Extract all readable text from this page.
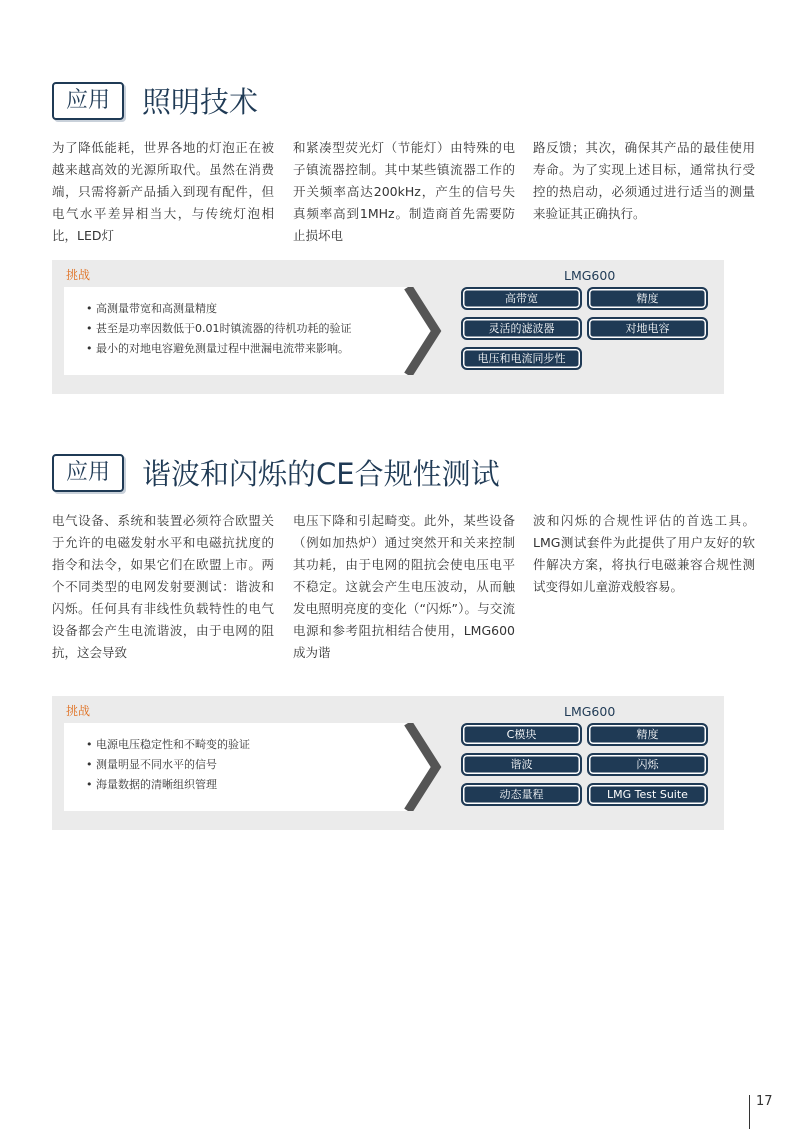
应用	照明技术
为了降低能耗，世界各地的灯泡正在被越来越高效的光源所取代。虽然在消费端，只需将新产品插入到现有配件，但电气水平差异相当大，与传统灯泡相比，LED灯
和紧凑型荧光灯（节能灯）由特殊的电子镇流器控制。其中某些镇流器工作的开关频率高达200kHz，产生的信号失真频率高到1MHz。制造商首先需要防止损坏电
路反馈；其次，确保其产品的最佳使用寿命。为了实现上述目标，通常执行受控的热启动，必须通过进行适当的测量来验证其正确执行。
挑战	LMG600
• 高测量带宽和高测量精度
• 甚至是功率因数低于0.01时镇流器的待机功耗的验证
• 最小的对地电容避免测量过程中泄漏电流带来影响。
高带宽	精度
灵活的滤波器	对地电容
电压和电流同步性
应用	谐波和闪烁的CE合规性测试
电气设备、系统和装置必须符合欧盟关于允许的电磁发射水平和电磁抗扰度的指令和法令，如果它们在欧盟上市。两个不同类型的电网发射要测试：谐波和闪烁。任何具有非线性负载特性的电气设备都会产生电流谐波，由于电网的阻抗，这会导致
电压下降和引起畸变。此外，某些设备（例如加热炉）通过突然开和关来控制其功耗，由于电网的阻抗会使电压电平不稳定。这就会产生电压波动，从而触发电照明亮度的变化（“闪烁”）。与交流电源和参考阻抗相结合使用，LMG600成为谐
波和闪烁的合规性评估的首选工具。LMG测试套件为此提供了用户友好的软件解决方案，将执行电磁兼容合规性测试变得如儿童游戏般容易。
挑战	LMG600
• 电源电压稳定性和不畸变的验证
• 测量明显不同水平的信号
• 海量数据的清晰组织管理
C模块	精度
谐波	闪烁
动态量程	LMG Test Suite
17
